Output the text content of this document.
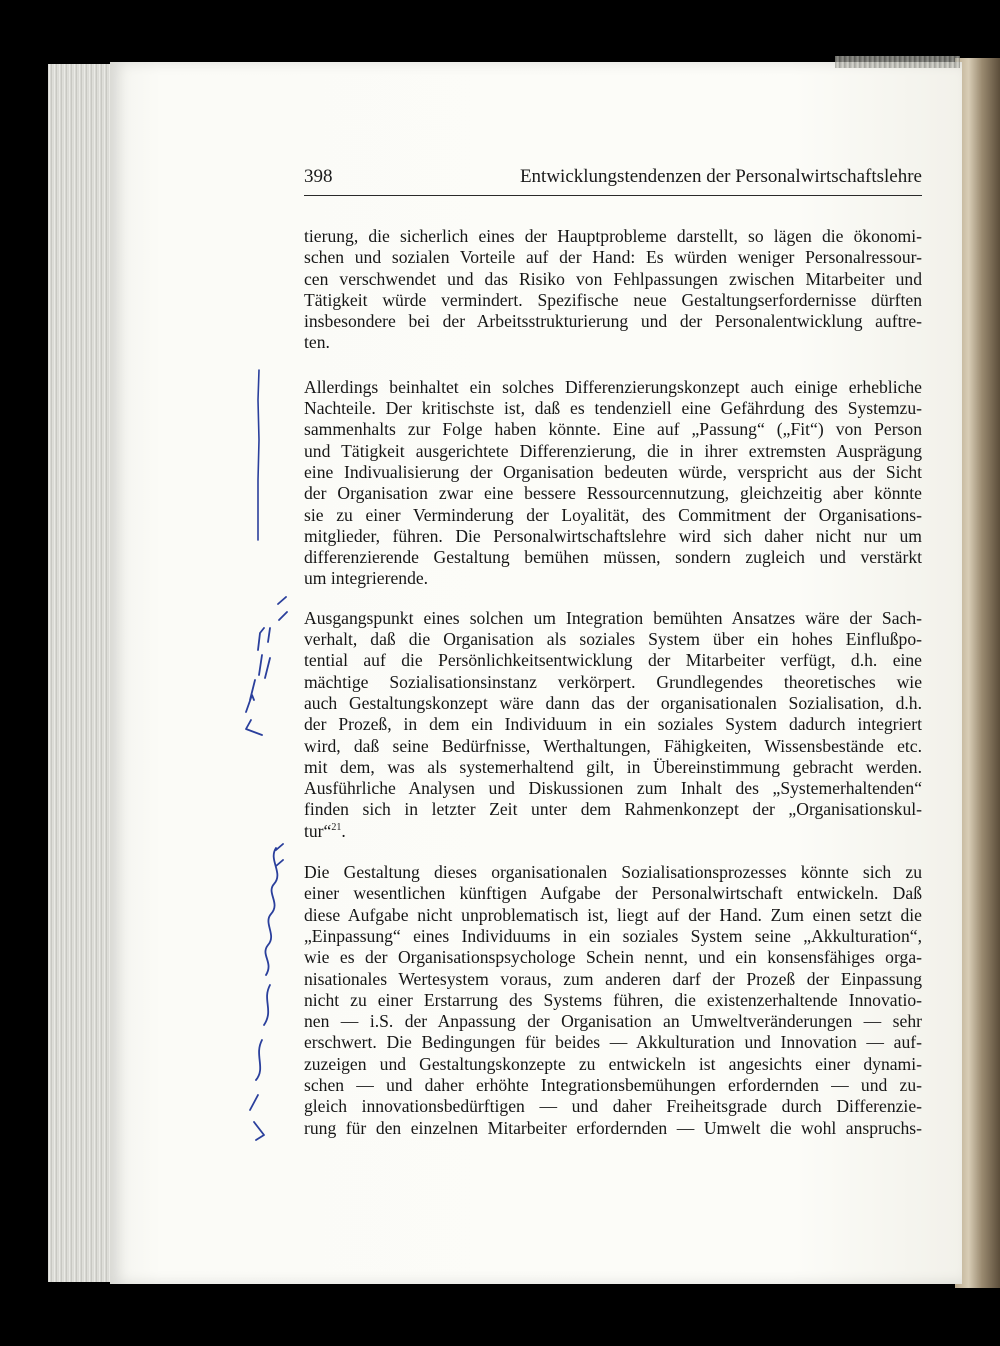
398	Entwicklungstendenzen der Personalwirtschaftslehre

tierung, die sicherlich eines der Hauptprobleme darstellt, so lägen die ökonomi-
schen und sozialen Vorteile auf der Hand: Es würden weniger Personalressour-
cen verschwendet und das Risiko von Fehlpassungen zwischen Mitarbeiter und
Tätigkeit würde vermindert. Spezifische neue Gestaltungserfordernisse dürften
insbesondere bei der Arbeitsstrukturierung und der Personalentwicklung auftre-
ten.

Allerdings beinhaltet ein solches Differenzierungskonzept auch einige erhebliche
Nachteile. Der kritischste ist, daß es tendenziell eine Gefährdung des Systemzu-
sammenhalts zur Folge haben könnte. Eine auf „Passung“ („Fit“) von Person
und Tätigkeit ausgerichtete Differenzierung, die in ihrer extremsten Ausprägung
eine Indivualisierung der Organisation bedeuten würde, verspricht aus der Sicht
der Organisation zwar eine bessere Ressourcennutzung, gleichzeitig aber könnte
sie zu einer Verminderung der Loyalität, des Commitment der Organisations-
mitglieder, führen. Die Personalwirtschaftslehre wird sich daher nicht nur um
differenzierende Gestaltung bemühen müssen, sondern zugleich und verstärkt
um integrierende.

Ausgangspunkt eines solchen um Integration bemühten Ansatzes wäre der Sach-
verhalt, daß die Organisation als soziales System über ein hohes Einflußpo-
tential auf die Persönlichkeitsentwicklung der Mitarbeiter verfügt, d.h. eine
mächtige Sozialisationsinstanz verkörpert. Grundlegendes theoretisches wie
auch Gestaltungskonzept wäre dann das der organisationalen Sozialisation, d.h.
der Prozeß, in dem ein Individuum in ein soziales System dadurch integriert
wird, daß seine Bedürfnisse, Werthaltungen, Fähigkeiten, Wissensbestände etc.
mit dem, was als systemerhaltend gilt, in Übereinstimmung gebracht werden.
Ausführliche Analysen und Diskussionen zum Inhalt des „Systemerhaltenden“
finden sich in letzter Zeit unter dem Rahmenkonzept der „Organisationskul-
tur“$^{21}$.

Die Gestaltung dieses organisationalen Sozialisationsprozesses könnte sich zu
einer wesentlichen künftigen Aufgabe der Personalwirtschaft entwickeln. Daß
diese Aufgabe nicht unproblematisch ist, liegt auf der Hand. Zum einen setzt die
„Einpassung“ eines Individuums in ein soziales System seine „Akkulturation“,
wie es der Organisationspsychologe Schein nennt, und ein konsensfähiges orga-
nisationales Wertesystem voraus, zum anderen darf der Prozeß der Einpassung
nicht zu einer Erstarrung des Systems führen, die existenzerhaltende Innovatio-
nen — i.S. der Anpassung der Organisation an Umweltveränderungen — sehr
erschwert. Die Bedingungen für beides — Akkulturation und Innovation — auf-
zuzeigen und Gestaltungskonzepte zu entwickeln ist angesichts einer dynami-
schen — und daher erhöhte Integrationsbemühungen erfordernden — und zu-
gleich innovationsbedürftigen — und daher Freiheitsgrade durch Differenzie-
rung für den einzelnen Mitarbeiter erfordernden — Umwelt die wohl anspruchs-
